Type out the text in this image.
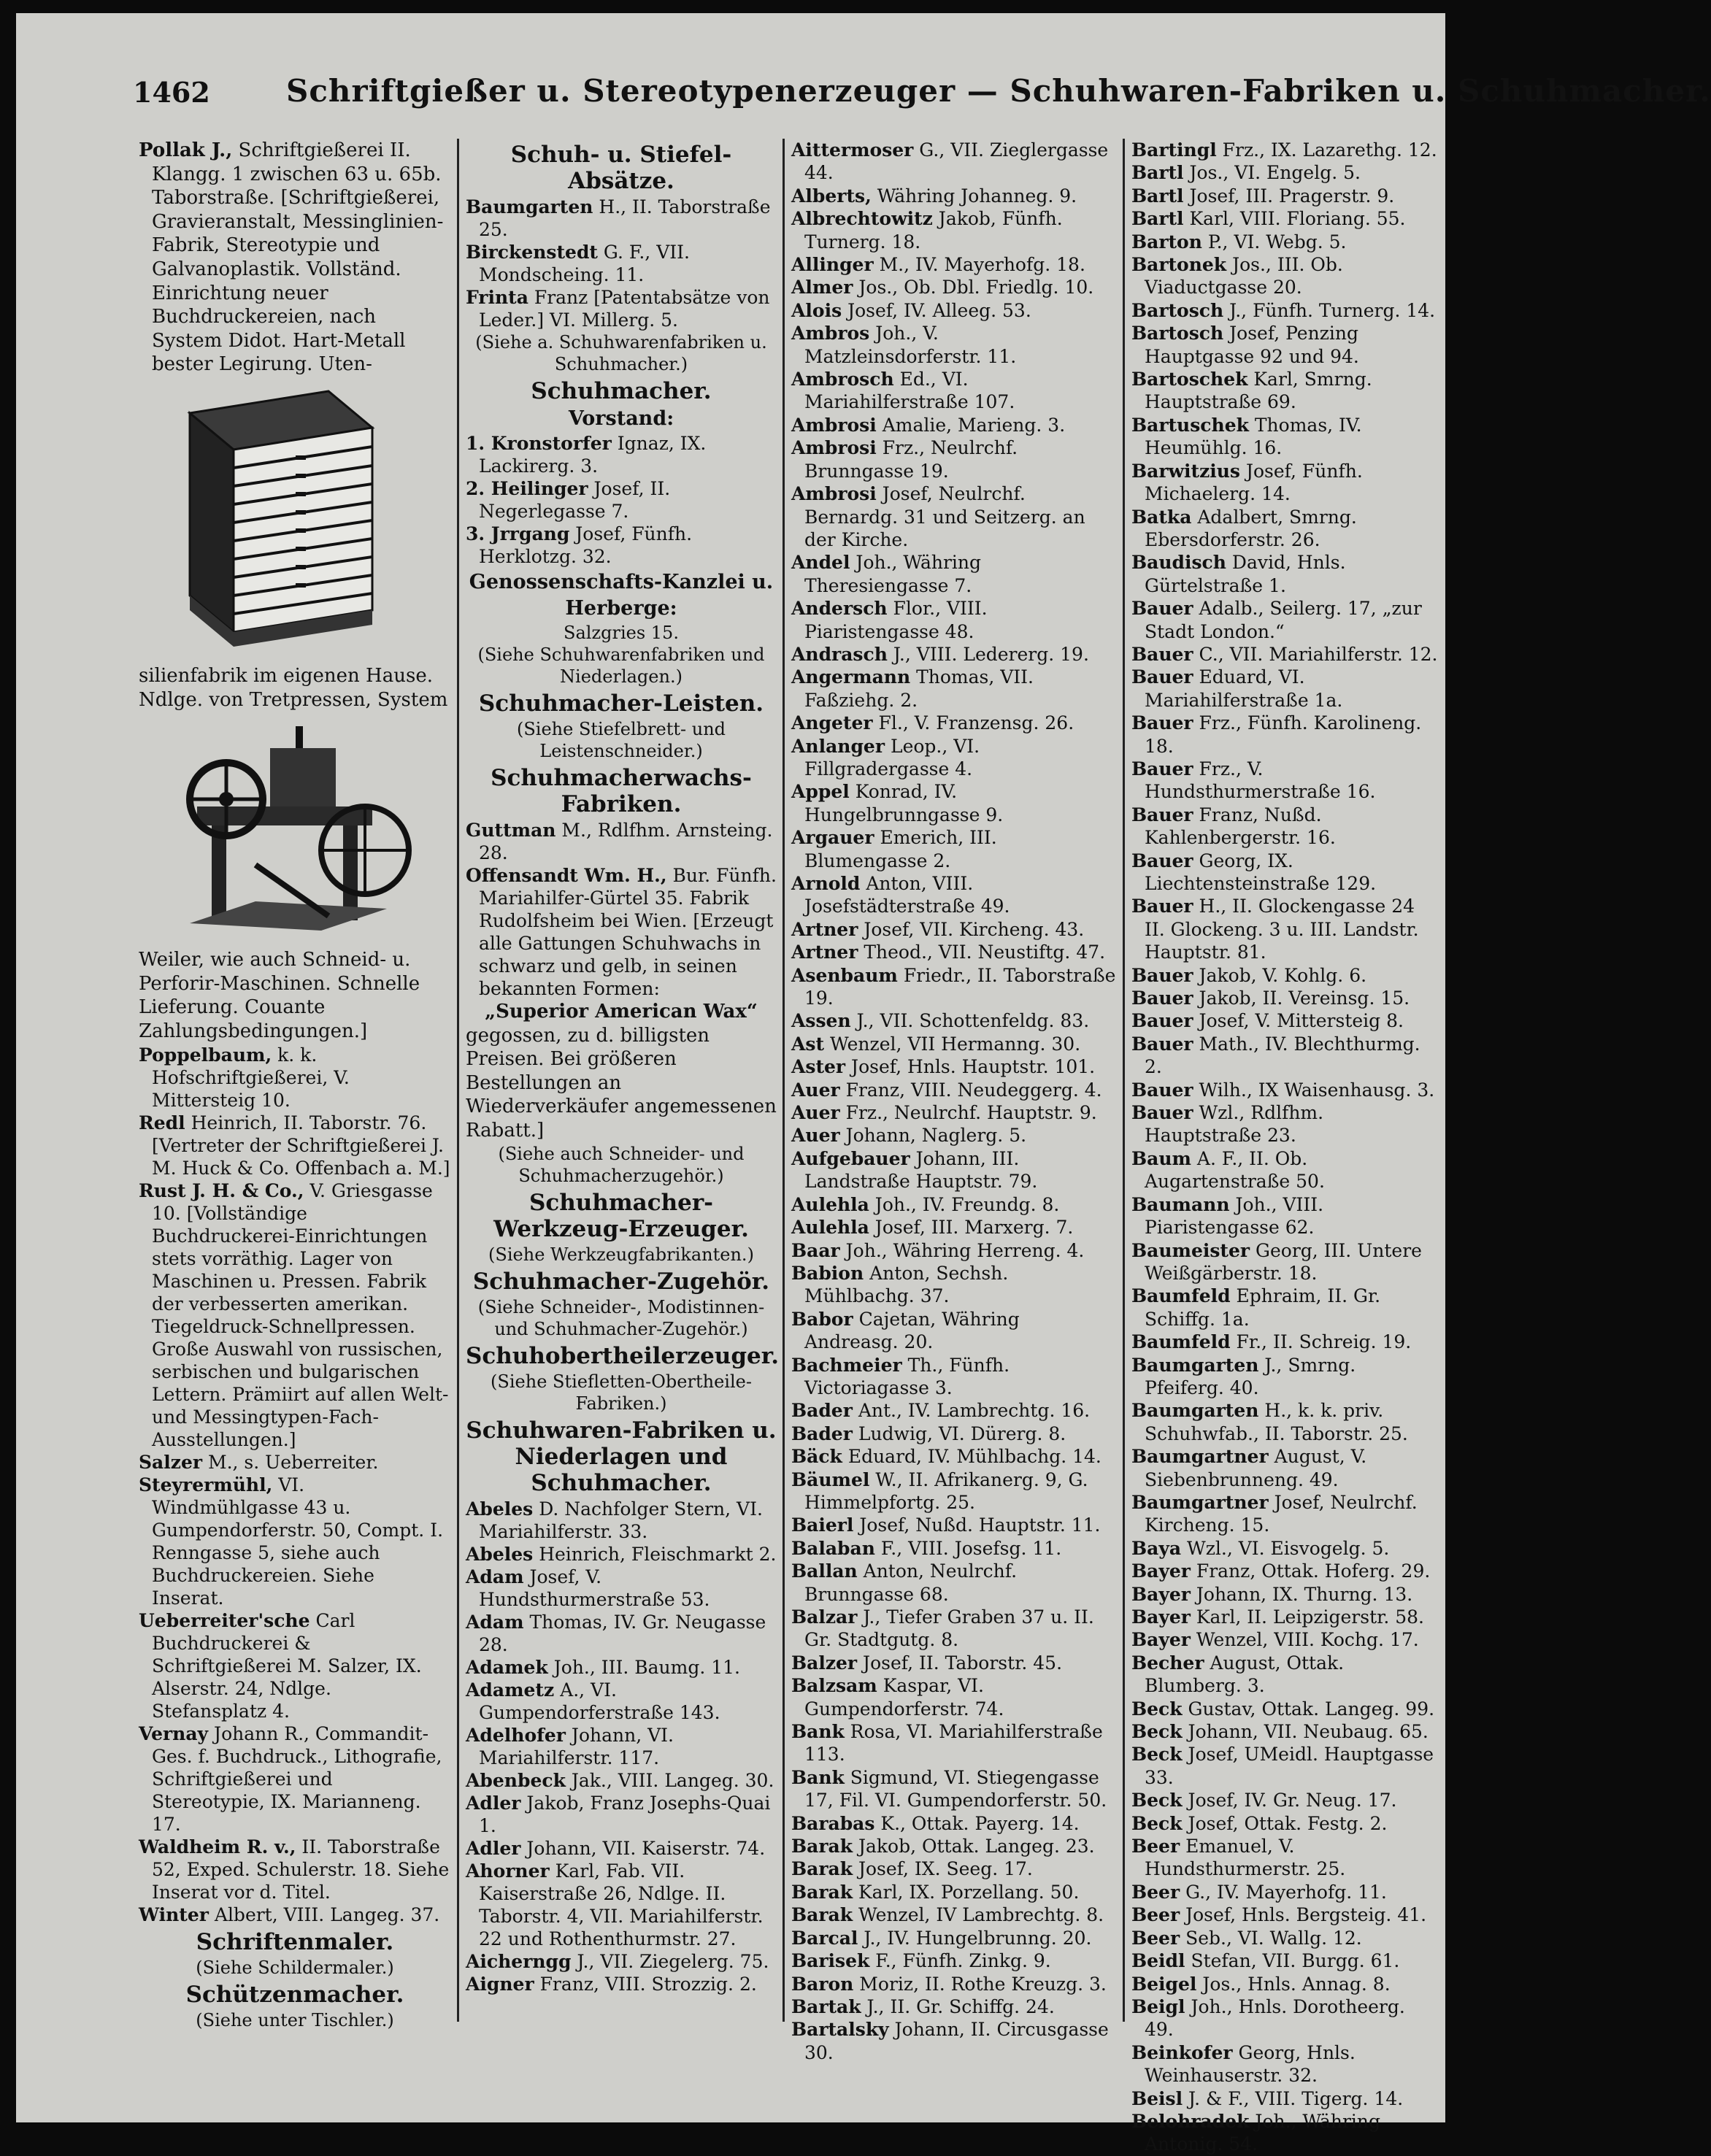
1462 Schriftgießer u. Stereotypenerzeuger — Schuhwaren-Fabriken u. Schuhmacher.

Pollak J., Schriftgießerei II. Klangg. 1 zwischen 63 u. 65b. Taborstraße. [Schriftgießerei, Gravieranstalt, Messinglinien-Fabrik, Stereotypie und Galvanoplastik. Vollständ. Einrichtung neuer Buchdruckereien, nach System Didot. Hart-Metall bester Legirung. Uten-

silienfabrik im eigenen Hause. Ndlge. von Tretpressen, System

Weiler, wie auch Schneid- u. Perforir-Maschinen. Schnelle Lieferung. Couante Zahlungsbedingungen.]

Poppelbaum, k. k. Hofschriftgießerei, V. Mittersteig 10.

Redl Heinrich, II. Taborstr. 76. [Vertreter der Schriftgießerei J. M. Huck & Co. Offenbach a. M.]

Rust J. H. & Co., V. Griesgasse 10. [Vollständige Buchdruckerei-Einrichtungen stets vorräthig. Lager von Maschinen u. Pressen. Fabrik der verbesserten amerikan. Tiegeldruck-Schnellpressen. Große Auswahl von russischen, serbischen und bulgarischen Lettern. Prämiirt auf allen Welt- und Messingtypen-Fach-Ausstellungen.]

Salzer M., s. Ueberreiter.

Steyrermühl, VI. Windmühlgasse 43 u. Gumpendorferstr. 50, Compt. I. Renngasse 5, siehe auch Buchdruckereien. Siehe Inserat.

Ueberreiter'sche Carl Buchdruckerei & Schriftgießerei M. Salzer, IX. Alserstr. 24, Ndlge. Stefansplatz 4.

Vernay Johann R., Commandit-Ges. f. Buchdruck., Lithografie, Schriftgießerei und Stereotypie, IX. Marianneng. 17.

Waldheim R. v., II. Taborstraße 52, Exped. Schulerstr. 18. Siehe Inserat vor d. Titel.

Winter Albert, VIII. Langeg. 37.

Schriftenmaler.

(Siehe Schildermaler.)

Schützenmacher.

(Siehe unter Tischler.)

Schuh- u. Stiefel-Absätze.

Baumgarten H., II. Taborstraße 25.

Birckenstedt G. F., VII. Mondscheing. 11.

Frinta Franz [Patentabsätze von Leder.] VI. Millerg. 5.

(Siehe a. Schuhwarenfabriken u. Schuhmacher.)

Schuhmacher.
Vorstand:

1. Kronstorfer Ignaz, IX. Lackirerg. 3.

2. Heilinger Josef, II. Negerlegasse 7.

3. Jrrgang Josef, Fünfh. Herklotzg. 32.

Genossenschafts-Kanzlei u. Herberge:

Salzgries 15.

(Siehe Schuhwarenfabriken und Niederlagen.)

Schuhmacher-Leisten.

(Siehe Stiefelbrett- und Leistenschneider.)

Schuhmacherwachs-Fabriken.

Guttman M., Rdlfhm. Arnsteing. 28.

Offensandt Wm. H., Bur. Fünfh. Mariahilfer-Gürtel 35. Fabrik Rudolfsheim bei Wien. [Erzeugt alle Gattungen Schuhwachs in schwarz und gelb, in seinen bekannten Formen:

„Superior American Wax“

gegossen, zu d. billigsten Preisen. Bei größeren Bestellungen an Wiederverkäufer angemessenen Rabatt.]

(Siehe auch Schneider- und Schuhmacherzugehör.)

Schuhmacher-Werkzeug-Erzeuger.

(Siehe Werkzeugfabrikanten.)

Schuhmacher-Zugehör.

(Siehe Schneider-, Modistinnen- und Schuhmacher-Zugehör.)

Schuhobertheilerzeuger.

(Siehe Stiefletten-Obertheile-Fabriken.)

Schuhwaren-Fabriken u. Niederlagen und Schuhmacher.

Abeles D. Nachfolger Stern, VI. Mariahilferstr. 33.

Abeles Heinrich, Fleischmarkt 2.

Adam Josef, V. Hundsthurmerstraße 53.

Adam Thomas, IV. Gr. Neugasse 28.

Adamek Joh., III. Baumg. 11.

Adametz A., VI. Gumpendorferstraße 143.

Adelhofer Johann, VI. Mariahilferstr. 117.

Abenbeck Jak., VIII. Langeg. 30.

Adler Jakob, Franz Josephs-Quai 1.

Adler Johann, VII. Kaiserstr. 74.

Ahorner Karl, Fab. VII. Kaiserstraße 26, Ndlge. II. Taborstr. 4, VII. Mariahilferstr. 22 und Rothenthurmstr. 27.

Aicherngg J., VII. Ziegelerg. 75.

Aigner Franz, VIII. Strozzig. 2.

Aittermoser G., VII. Zieglergasse 44.

Alberts, Währing Johanneg. 9.

Albrechtowitz Jakob, Fünfh. Turnerg. 18.

Allinger M., IV. Mayerhofg. 18.

Almer Jos., Ob. Dbl. Friedlg. 10.

Alois Josef, IV. Alleeg. 53.

Ambros Joh., V. Matzleinsdorferstr. 11.

Ambrosch Ed., VI. Mariahilferstraße 107.

Ambrosi Amalie, Marieng. 3.

Ambrosi Frz., Neulrchf. Brunngasse 19.

Ambrosi Josef, Neulrchf. Bernardg. 31 und Seitzerg. an der Kirche.

Andel Joh., Währing Theresiengasse 7.

Andersch Flor., VIII. Piaristengasse 48.

Andrasch J., VIII. Ledererg. 19.

Angermann Thomas, VII. Faßziehg. 2.

Angeter Fl., V. Franzensg. 26.

Anlanger Leop., VI. Fillgradergasse 4.

Appel Konrad, IV. Hungelbrunngasse 9.

Argauer Emerich, III. Blumengasse 2.

Arnold Anton, VIII. Josefstädterstraße 49.

Artner Josef, VII. Kircheng. 43.

Artner Theod., VII. Neustiftg. 47.

Asenbaum Friedr., II. Taborstraße 19.

Assen J., VII. Schottenfeldg. 83.

Ast Wenzel, VII Hermanng. 30.

Aster Josef, Hnls. Hauptstr. 101.

Auer Franz, VIII. Neudeggerg. 4.

Auer Frz., Neulrchf. Hauptstr. 9.

Auer Johann, Naglerg. 5.

Aufgebauer Johann, III. Landstraße Hauptstr. 79.

Aulehla Joh., IV. Freundg. 8.

Aulehla Josef, III. Marxerg. 7.

Baar Joh., Währing Herreng. 4.

Babion Anton, Sechsh. Mühlbachg. 37.

Babor Cajetan, Währing Andreasg. 20.

Bachmeier Th., Fünfh. Victoriagasse 3.

Bader Ant., IV. Lambrechtg. 16.

Bader Ludwig, VI. Dürerg. 8.

Bäck Eduard, IV. Mühlbachg. 14.

Bäumel W., II. Afrikanerg. 9, G. Himmelpfortg. 25.

Baierl Josef, Nußd. Hauptstr. 11.

Balaban F., VIII. Josefsg. 11.

Ballan Anton, Neulrchf. Brunngasse 68.

Balzar J., Tiefer Graben 37 u. II. Gr. Stadtgutg. 8.

Balzer Josef, II. Taborstr. 45.

Balzsam Kaspar, VI. Gumpendorferstr. 74.

Bank Rosa, VI. Mariahilferstraße 113.

Bank Sigmund, VI. Stiegengasse 17, Fil. VI. Gumpendorferstr. 50.

Barabas K., Ottak. Payerg. 14.

Barak Jakob, Ottak. Langeg. 23.

Barak Josef, IX. Seeg. 17.

Barak Karl, IX. Porzellang. 50.

Barak Wenzel, IV Lambrechtg. 8.

Barcal J., IV. Hungelbrunng. 20.

Barisek F., Fünfh. Zinkg. 9.

Baron Moriz, II. Rothe Kreuzg. 3.

Bartak J., II. Gr. Schiffg. 24.

Bartalsky Johann, II. Circusgasse 30.

Bartingl Frz., IX. Lazarethg. 12.

Bartl Jos., VI. Engelg. 5.

Bartl Josef, III. Pragerstr. 9.

Bartl Karl, VIII. Floriang. 55.

Barton P., VI. Webg. 5.

Bartonek Jos., III. Ob. Viaductgasse 20.

Bartosch J., Fünfh. Turnerg. 14.

Bartosch Josef, Penzing Hauptgasse 92 und 94.

Bartoschek Karl, Smrng. Hauptstraße 69.

Bartuschek Thomas, IV. Heumühlg. 16.

Barwitzius Josef, Fünfh. Michaelerg. 14.

Batka Adalbert, Smrng. Ebersdorferstr. 26.

Baudisch David, Hnls. Gürtelstraße 1.

Bauer Adalb., Seilerg. 17, „zur Stadt London.“

Bauer C., VII. Mariahilferstr. 12.

Bauer Eduard, VI. Mariahilferstraße 1a.

Bauer Frz., Fünfh. Karolineng. 18.

Bauer Frz., V. Hundsthurmerstraße 16.

Bauer Franz, Nußd. Kahlenbergerstr. 16.

Bauer Georg, IX. Liechtensteinstraße 129.

Bauer H., II. Glockengasse 24 II. Glockeng. 3 u. III. Landstr. Hauptstr. 81.

Bauer Jakob, V. Kohlg. 6.

Bauer Jakob, II. Vereinsg. 15.

Bauer Josef, V. Mittersteig 8.

Bauer Math., IV. Blechthurmg. 2.

Bauer Wilh., IX Waisenhausg. 3.

Bauer Wzl., Rdlfhm. Hauptstraße 23.

Baum A. F., II. Ob. Augartenstraße 50.

Baumann Joh., VIII. Piaristengasse 62.

Baumeister Georg, III. Untere Weißgärberstr. 18.

Baumfeld Ephraim, II. Gr. Schiffg. 1a.

Baumfeld Fr., II. Schreig. 19.

Baumgarten J., Smrng. Pfeiferg. 40.

Baumgarten H., k. k. priv. Schuhwfab., II. Taborstr. 25.

Baumgartner August, V. Siebenbrunneng. 49.

Baumgartner Josef, Neulrchf. Kircheng. 15.

Baya Wzl., VI. Eisvogelg. 5.

Bayer Franz, Ottak. Hoferg. 29.

Bayer Johann, IX. Thurng. 13.

Bayer Karl, II. Leipzigerstr. 58.

Bayer Wenzel, VIII. Kochg. 17.

Becher August, Ottak. Blumberg. 3.

Beck Gustav, Ottak. Langeg. 99.

Beck Johann, VII. Neubaug. 65.

Beck Josef, UMeidl. Hauptgasse 33.

Beck Josef, IV. Gr. Neug. 17.

Beck Josef, Ottak. Festg. 2.

Beer Emanuel, V. Hundsthurmerstr. 25.

Beer G., IV. Mayerhofg. 11.

Beer Josef, Hnls. Bergsteig. 41.

Beer Seb., VI. Wallg. 12.

Beidl Stefan, VII. Burgg. 61.

Beigel Jos., Hnls. Annag. 8.

Beigl Joh., Hnls. Dorotheerg. 49.

Beinkofer Georg, Hnls. Weinhauserstr. 32.

Beisl J. & F., VIII. Tigerg. 14.

Belohradek Joh., Währing Antonig. 54.
